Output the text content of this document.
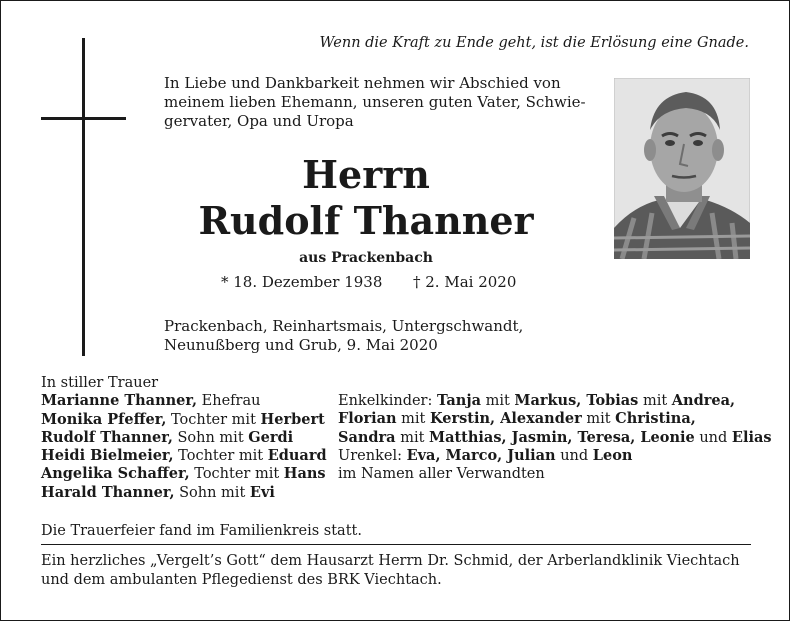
Wenn die Kraft zu Ende geht, ist die Erlösung eine Gnade.
In Liebe und Dankbarkeit nehmen wir Abschied von
meinem lieben Ehemann, unseren guten Vater, Schwie-
gervater, Opa und Uropa
Herrn
Rudolf Thanner
aus Prackenbach
* 18. Dezember 1938 † 2. Mai 2020
Prackenbach, Reinhartsmais, Untergschwandt,
Neunußberg und Grub, 9. Mai 2020
In stiller Trauer
Marianne Thanner, Ehefrau
Monika Pfeffer, Tochter mit Herbert
Rudolf Thanner, Sohn mit Gerdi
Heidi Bielmeier, Tochter mit Eduard
Angelika Schaffer, Tochter mit Hans
Harald Thanner, Sohn mit Evi
Enkelkinder: Tanja mit Markus, Tobias mit Andrea,
Florian mit Kerstin, Alexander mit Christina,
Sandra mit Matthias, Jasmin, Teresa, Leonie und Elias
Urenkel: Eva, Marco, Julian und Leon
im Namen aller Verwandten
Die Trauerfeier fand im Familienkreis statt.
Ein herzliches „Vergelt’s Gott“ dem Hausarzt Herrn Dr. Schmid, der Arberlandklinik Viechtach
und dem ambulanten Pflegedienst des BRK Viechtach.
